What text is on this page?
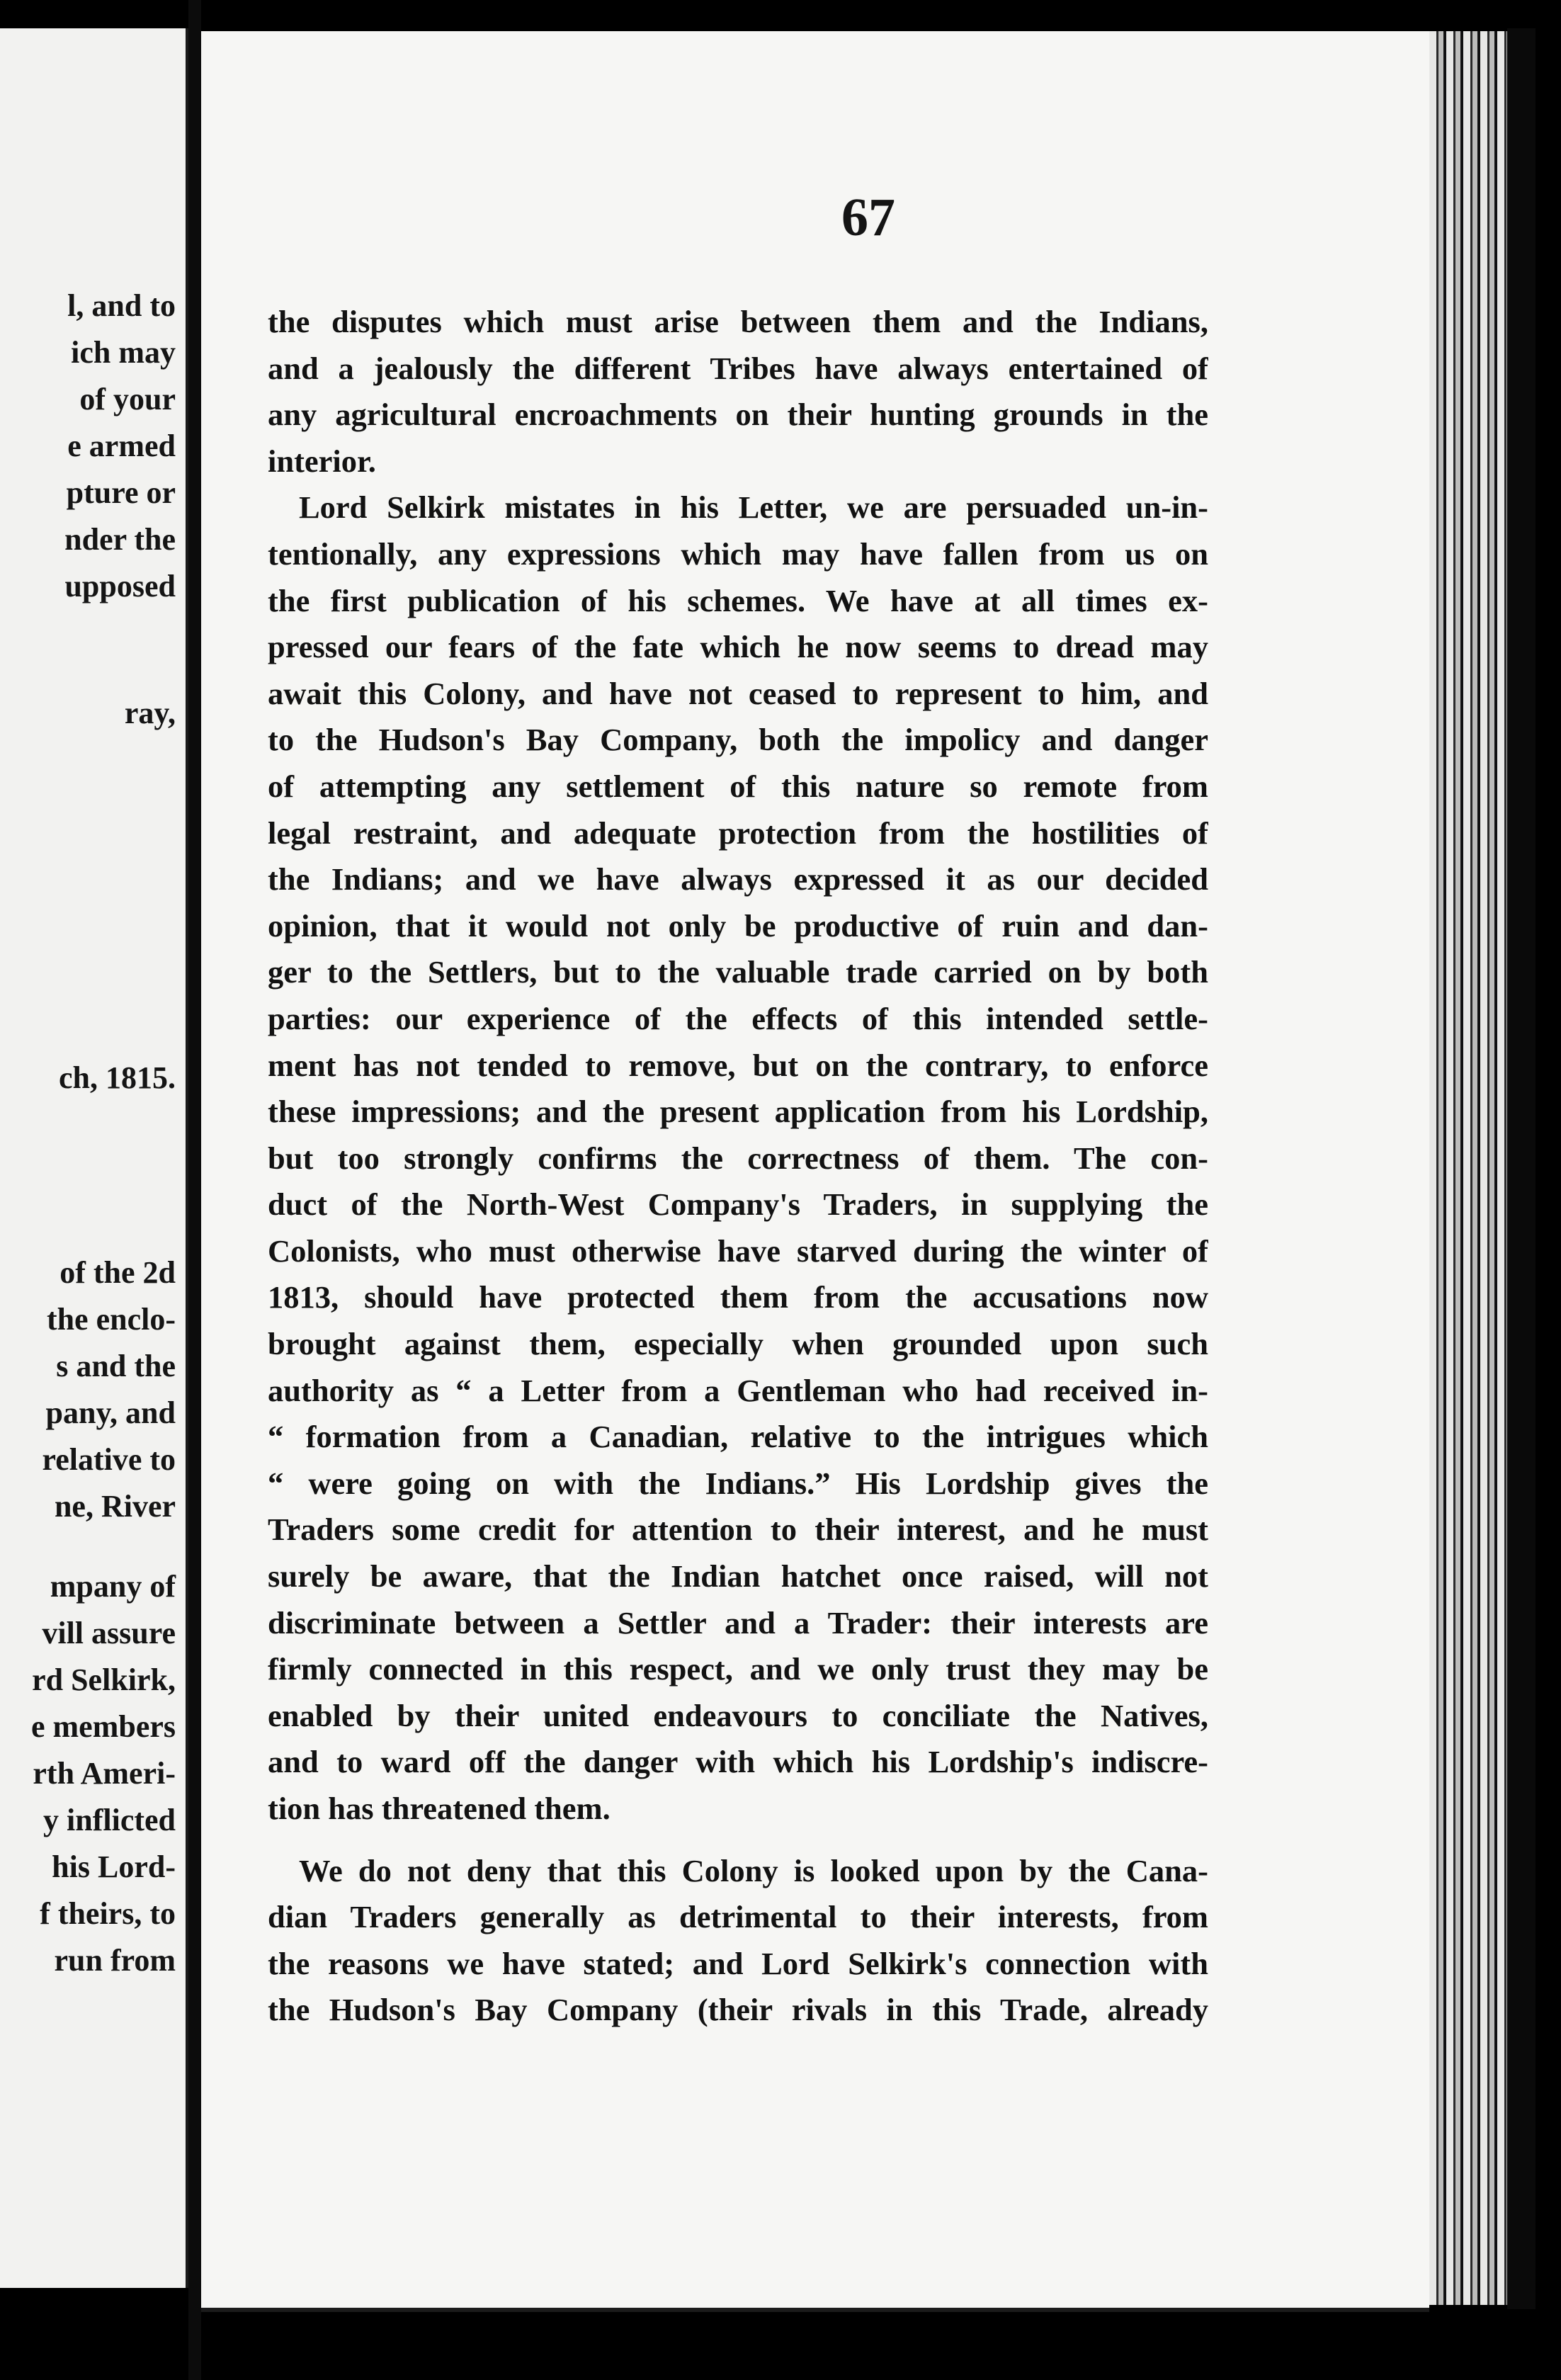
l, and to
ich may
of your
e armed
pture or
nder the
upposed
ray,
ch, 1815.
of the 2d
the enclo-
s and the
pany, and
relative to
ne, River
mpany of
vill assure
rd Selkirk,
e members
rth Ameri-
y inflicted
his Lord-
f theirs, to
run from
67
the disputes which must arise between them and the Indians,
and a jealously the different Tribes have always entertained of
any agricultural encroachments on their hunting grounds in the
interior.
Lord Selkirk mistates in his Letter, we are persuaded un-in-
tentionally, any expressions which may have fallen from us on
the first publication of his schemes. We have at all times ex-
pressed our fears of the fate which he now seems to dread may
await this Colony, and have not ceased to represent to him, and
to the Hudson's Bay Company, both the impolicy and danger
of attempting any settlement of this nature so remote from
legal restraint, and adequate protection from the hostilities of
the Indians; and we have always expressed it as our decided
opinion, that it would not only be productive of ruin and dan-
ger to the Settlers, but to the valuable trade carried on by both
parties: our experience of the effects of this intended settle-
ment has not tended to remove, but on the contrary, to enforce
these impressions; and the present application from his Lordship,
but too strongly confirms the correctness of them. The con-
duct of the North-West Company's Traders, in supplying the
Colonists, who must otherwise have starved during the winter of
1813, should have protected them from the accusations now
brought against them, especially when grounded upon such
authority as “ a Letter from a Gentleman who had received in-
“ formation from a Canadian, relative to the intrigues which
“ were going on with the Indians.” His Lordship gives the
Traders some credit for attention to their interest, and he must
surely be aware, that the Indian hatchet once raised, will not
discriminate between a Settler and a Trader: their interests are
firmly connected in this respect, and we only trust they may be
enabled by their united endeavours to conciliate the Natives,
and to ward off the danger with which his Lordship's indiscre-
tion has threatened them.
We do not deny that this Colony is looked upon by the Cana-
dian Traders generally as detrimental to their interests, from
the reasons we have stated; and Lord Selkirk's connection with
the Hudson's Bay Company (their rivals in this Trade, already
